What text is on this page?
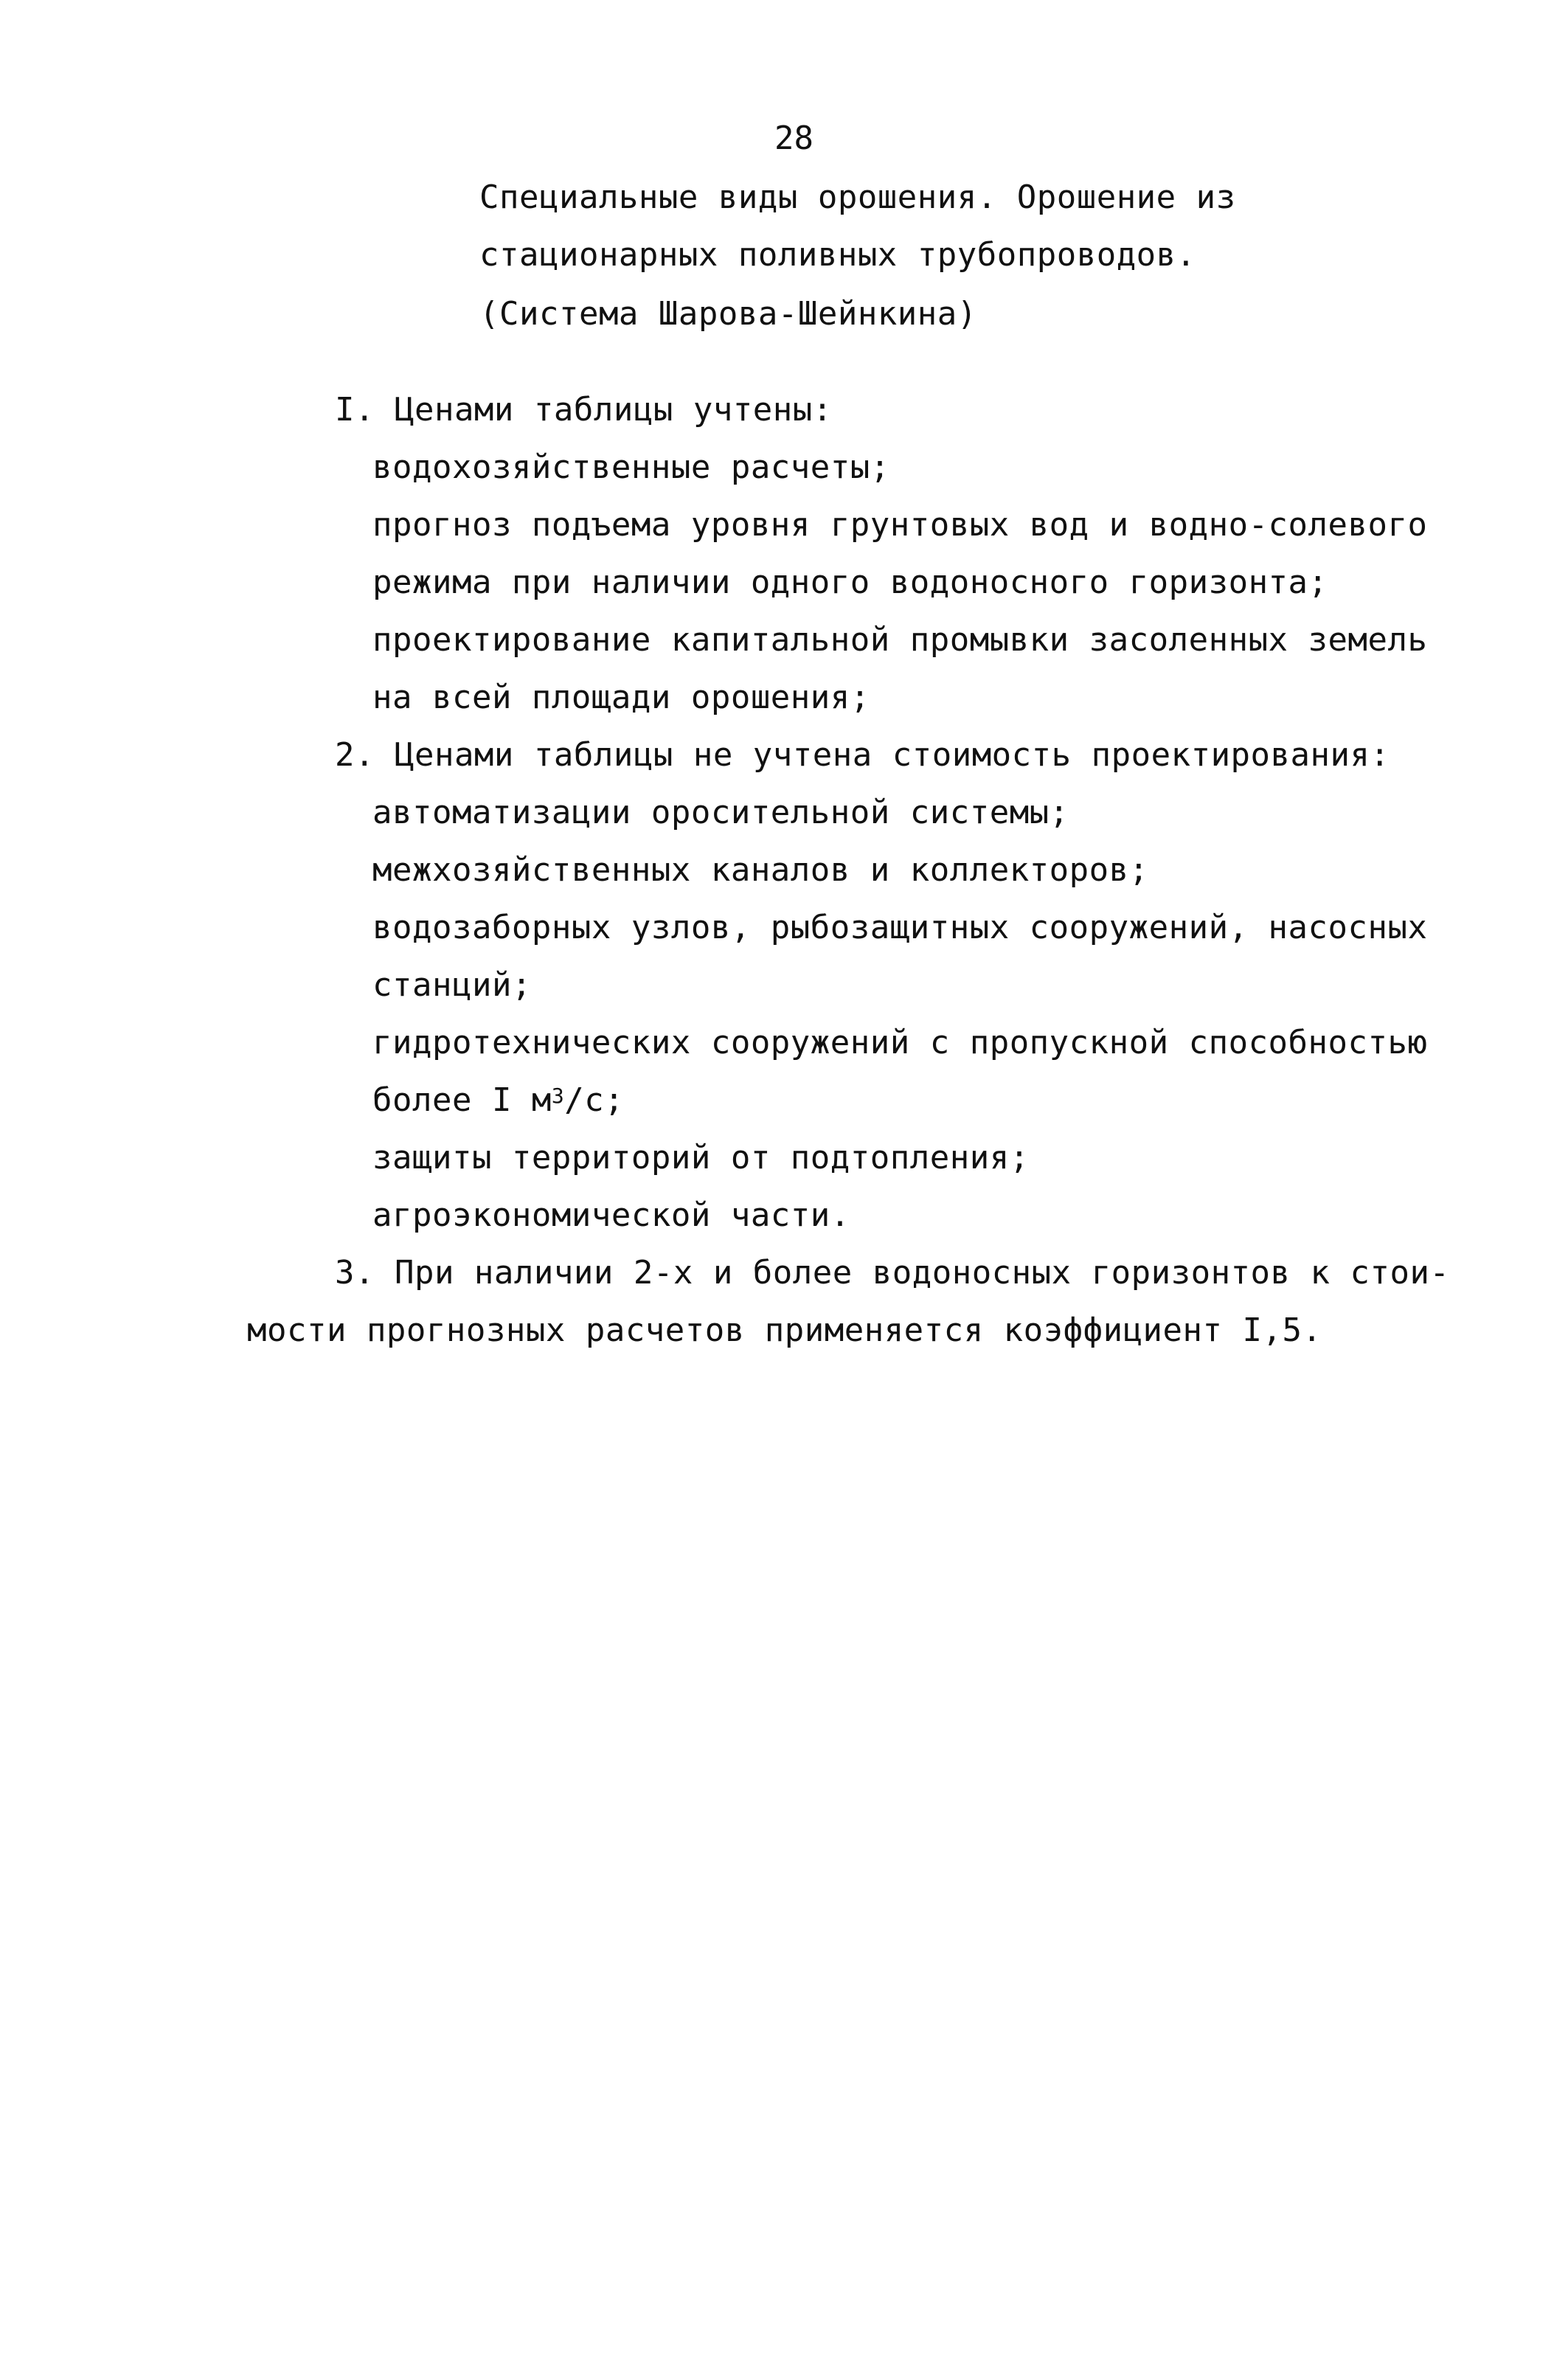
28
Специальные виды орошения. Орошение из
стационарных поливных трубопроводов.
(Система Шарова-Шейнкина)
I. Ценами таблицы учтены:
водохозяйственные расчеты;
прогноз подъема уровня грунтовых вод и водно-солевого
режима при наличии одного водоносного горизонта;
проектирование капитальной промывки засоленных земель
на всей площади орошения;
2. Ценами таблицы не учтена стоимость проектирования:
автоматизации оросительной системы;
межхозяйственных каналов и коллекторов;
водозаборных узлов, рыбозащитных сооружений, насосных
станций;
гидротехнических сооружений с пропускной способностью
более I $м^3/с$;
защиты территорий от подтопления;
агроэкономической части.
3. При наличии 2-х и более водоносных горизонтов к стои-
мости прогнозных расчетов применяется коэффициент I,5.
